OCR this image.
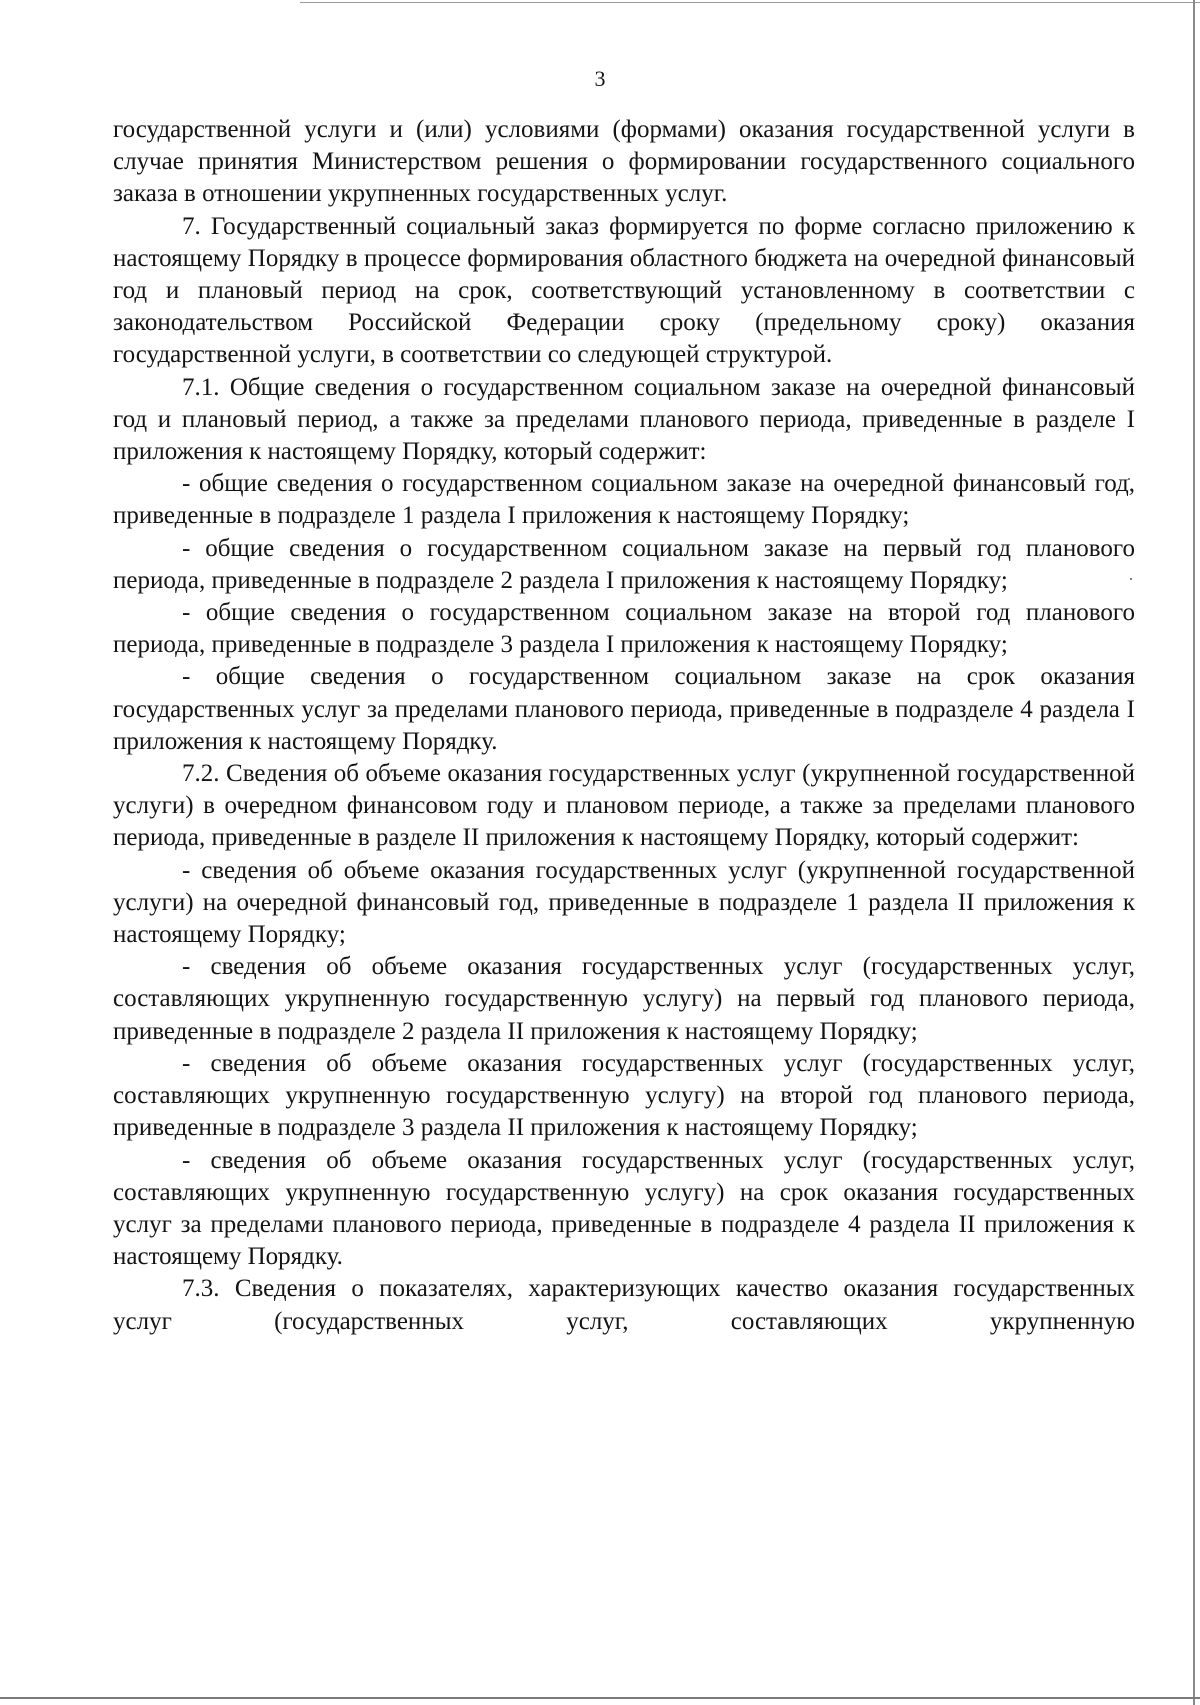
3

государственной услуги и (или) условиями (формами) оказания государственной услуги в случае принятия Министерством решения о формировании государственного социального заказа в отношении укрупненных государственных услуг.

7. Государственный социальный заказ формируется по форме согласно приложению к настоящему Порядку в процессе формирования областного бюджета на очередной финансовый год и плановый период на срок, соответствующий установленному в соответствии с законодательством Российской Федерации сроку (предельному сроку) оказания государственной услуги, в соответствии со следующей структурой.

7.1. Общие сведения о государственном социальном заказе на очередной финансовый год и плановый период, а также за пределами планового периода, приведенные в разделе I приложения к настоящему Порядку, который содержит:

- общие сведения о государственном социальном заказе на очередной финансовый год, приведенные в подразделе 1 раздела I приложения к настоящему Порядку;

- общие сведения о государственном социальном заказе на первый год планового периода, приведенные в подразделе 2 раздела I приложения к настоящему Порядку;

- общие сведения о государственном социальном заказе на второй год планового периода, приведенные в подразделе 3 раздела I приложения к настоящему Порядку;

- общие сведения о государственном социальном заказе на срок оказания государственных услуг за пределами планового периода, приведенные в подразделе 4 раздела I приложения к настоящему Порядку.

7.2. Сведения об объеме оказания государственных услуг (укрупненной государственной услуги) в очередном финансовом году и плановом периоде, а также за пределами планового периода, приведенные в разделе II приложения к настоящему Порядку, который содержит:

- сведения об объеме оказания государственных услуг (укрупненной государственной услуги) на очередной финансовый год, приведенные в подразделе 1 раздела II приложения к настоящему Порядку;

- сведения об объеме оказания государственных услуг (государственных услуг, составляющих укрупненную государственную услугу) на первый год планового периода, приведенные в подразделе 2 раздела II приложения к настоящему Порядку;

- сведения об объеме оказания государственных услуг (государственных услуг, составляющих укрупненную государственную услугу) на второй год планового периода, приведенные в подразделе 3 раздела II приложения к настоящему Порядку;

- сведения об объеме оказания государственных услуг (государственных услуг, составляющих укрупненную государственную услугу) на срок оказания государственных услуг за пределами планового периода, приведенные в подразделе 4 раздела II приложения к настоящему Порядку.

7.3. Сведения о показателях, характеризующих качество оказания государственных услуг (государственных услуг, составляющих укрупненную
